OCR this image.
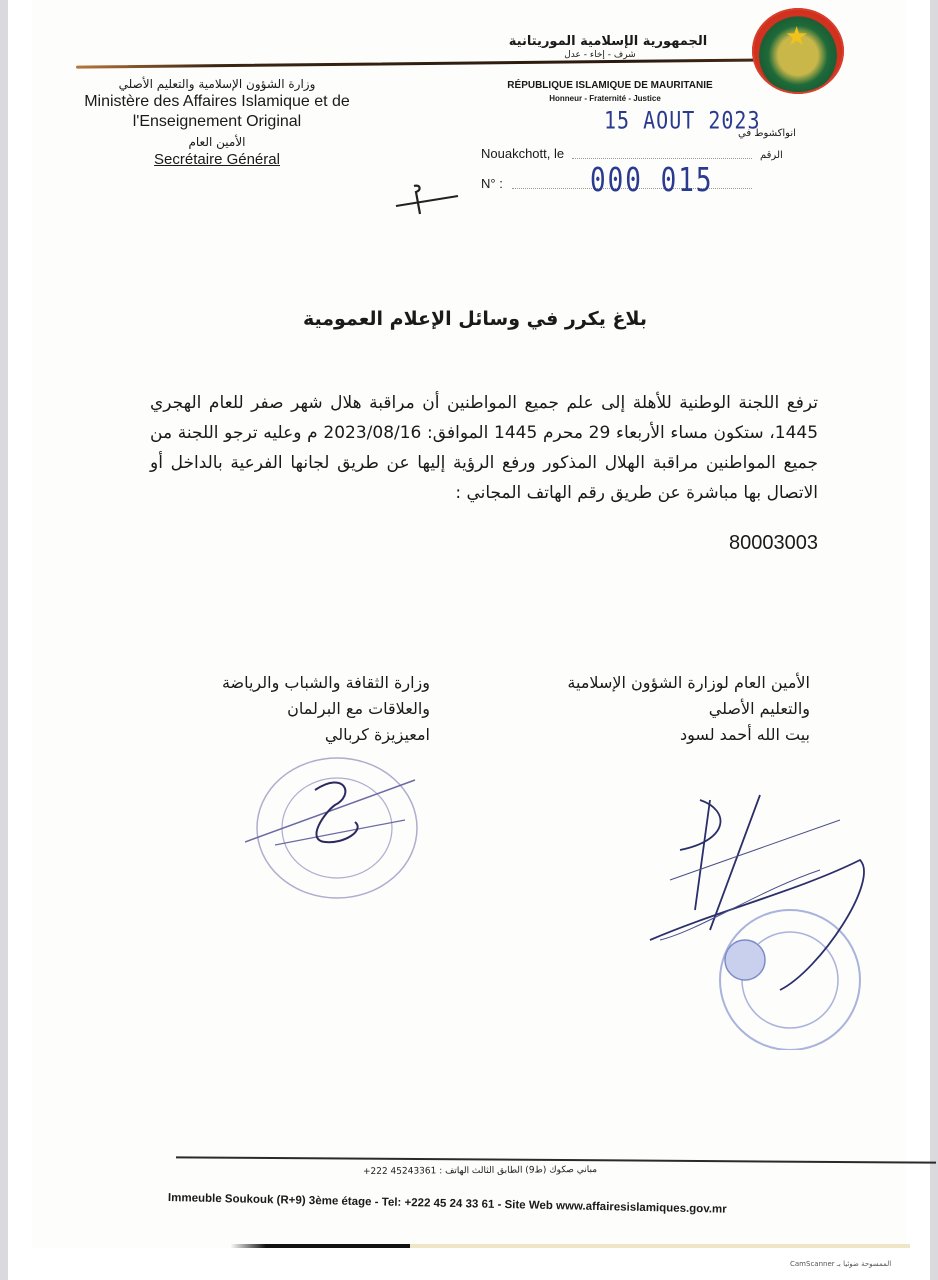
وزارة الشؤون الإسلامية والتعليم الأصلي
Ministère des Affaires Islamique et de
l'Enseignement Original
الأمين العام
Secrétaire Général
الجمهورية الإسلامية الموريتانية
شرف - إخاء - عدل
RÉPUBLIQUE ISLAMIQUE DE MAURITANIE
Honneur - Fraternité - Justice
★
15 AOUT 2023
انواكشوط في
الرقم
Nouakchott, le
N° :	000 015
بلاغ يكرر في وسائل الإعلام العمومية
ترفع اللجنة الوطنية للأهلة إلى علم جميع المواطنين أن مراقبة هلال شهر صفر للعام الهجري 1445، ستكون مساء الأربعاء 29 محرم 1445 الموافق: 2023/08/16 م وعليه ترجو اللجنة من جميع المواطنين مراقبة الهلال المذكور ورفع الرؤية إليها عن طريق لجانها الفرعية بالداخل أو الاتصال بها مباشرة عن طريق رقم الهاتف المجاني :
80003003
وزارة الثقافة والشباب والرياضة
والعلاقات مع البرلمان
امعيزيزة كربالي
الأمين العام لوزارة الشؤون الإسلامية
والتعليم الأصلي
بيت الله أحمد لسود
مباني صكوك (ط9) الطابق الثالث الهاتف : 45243361 222+
Immeuble Soukouk (R+9) 3ème étage - Tel: +222 45 24 33 61 - Site Web www.affairesislamiques.gov.mr
الممسوحة ضوئيا بـ CamScanner
